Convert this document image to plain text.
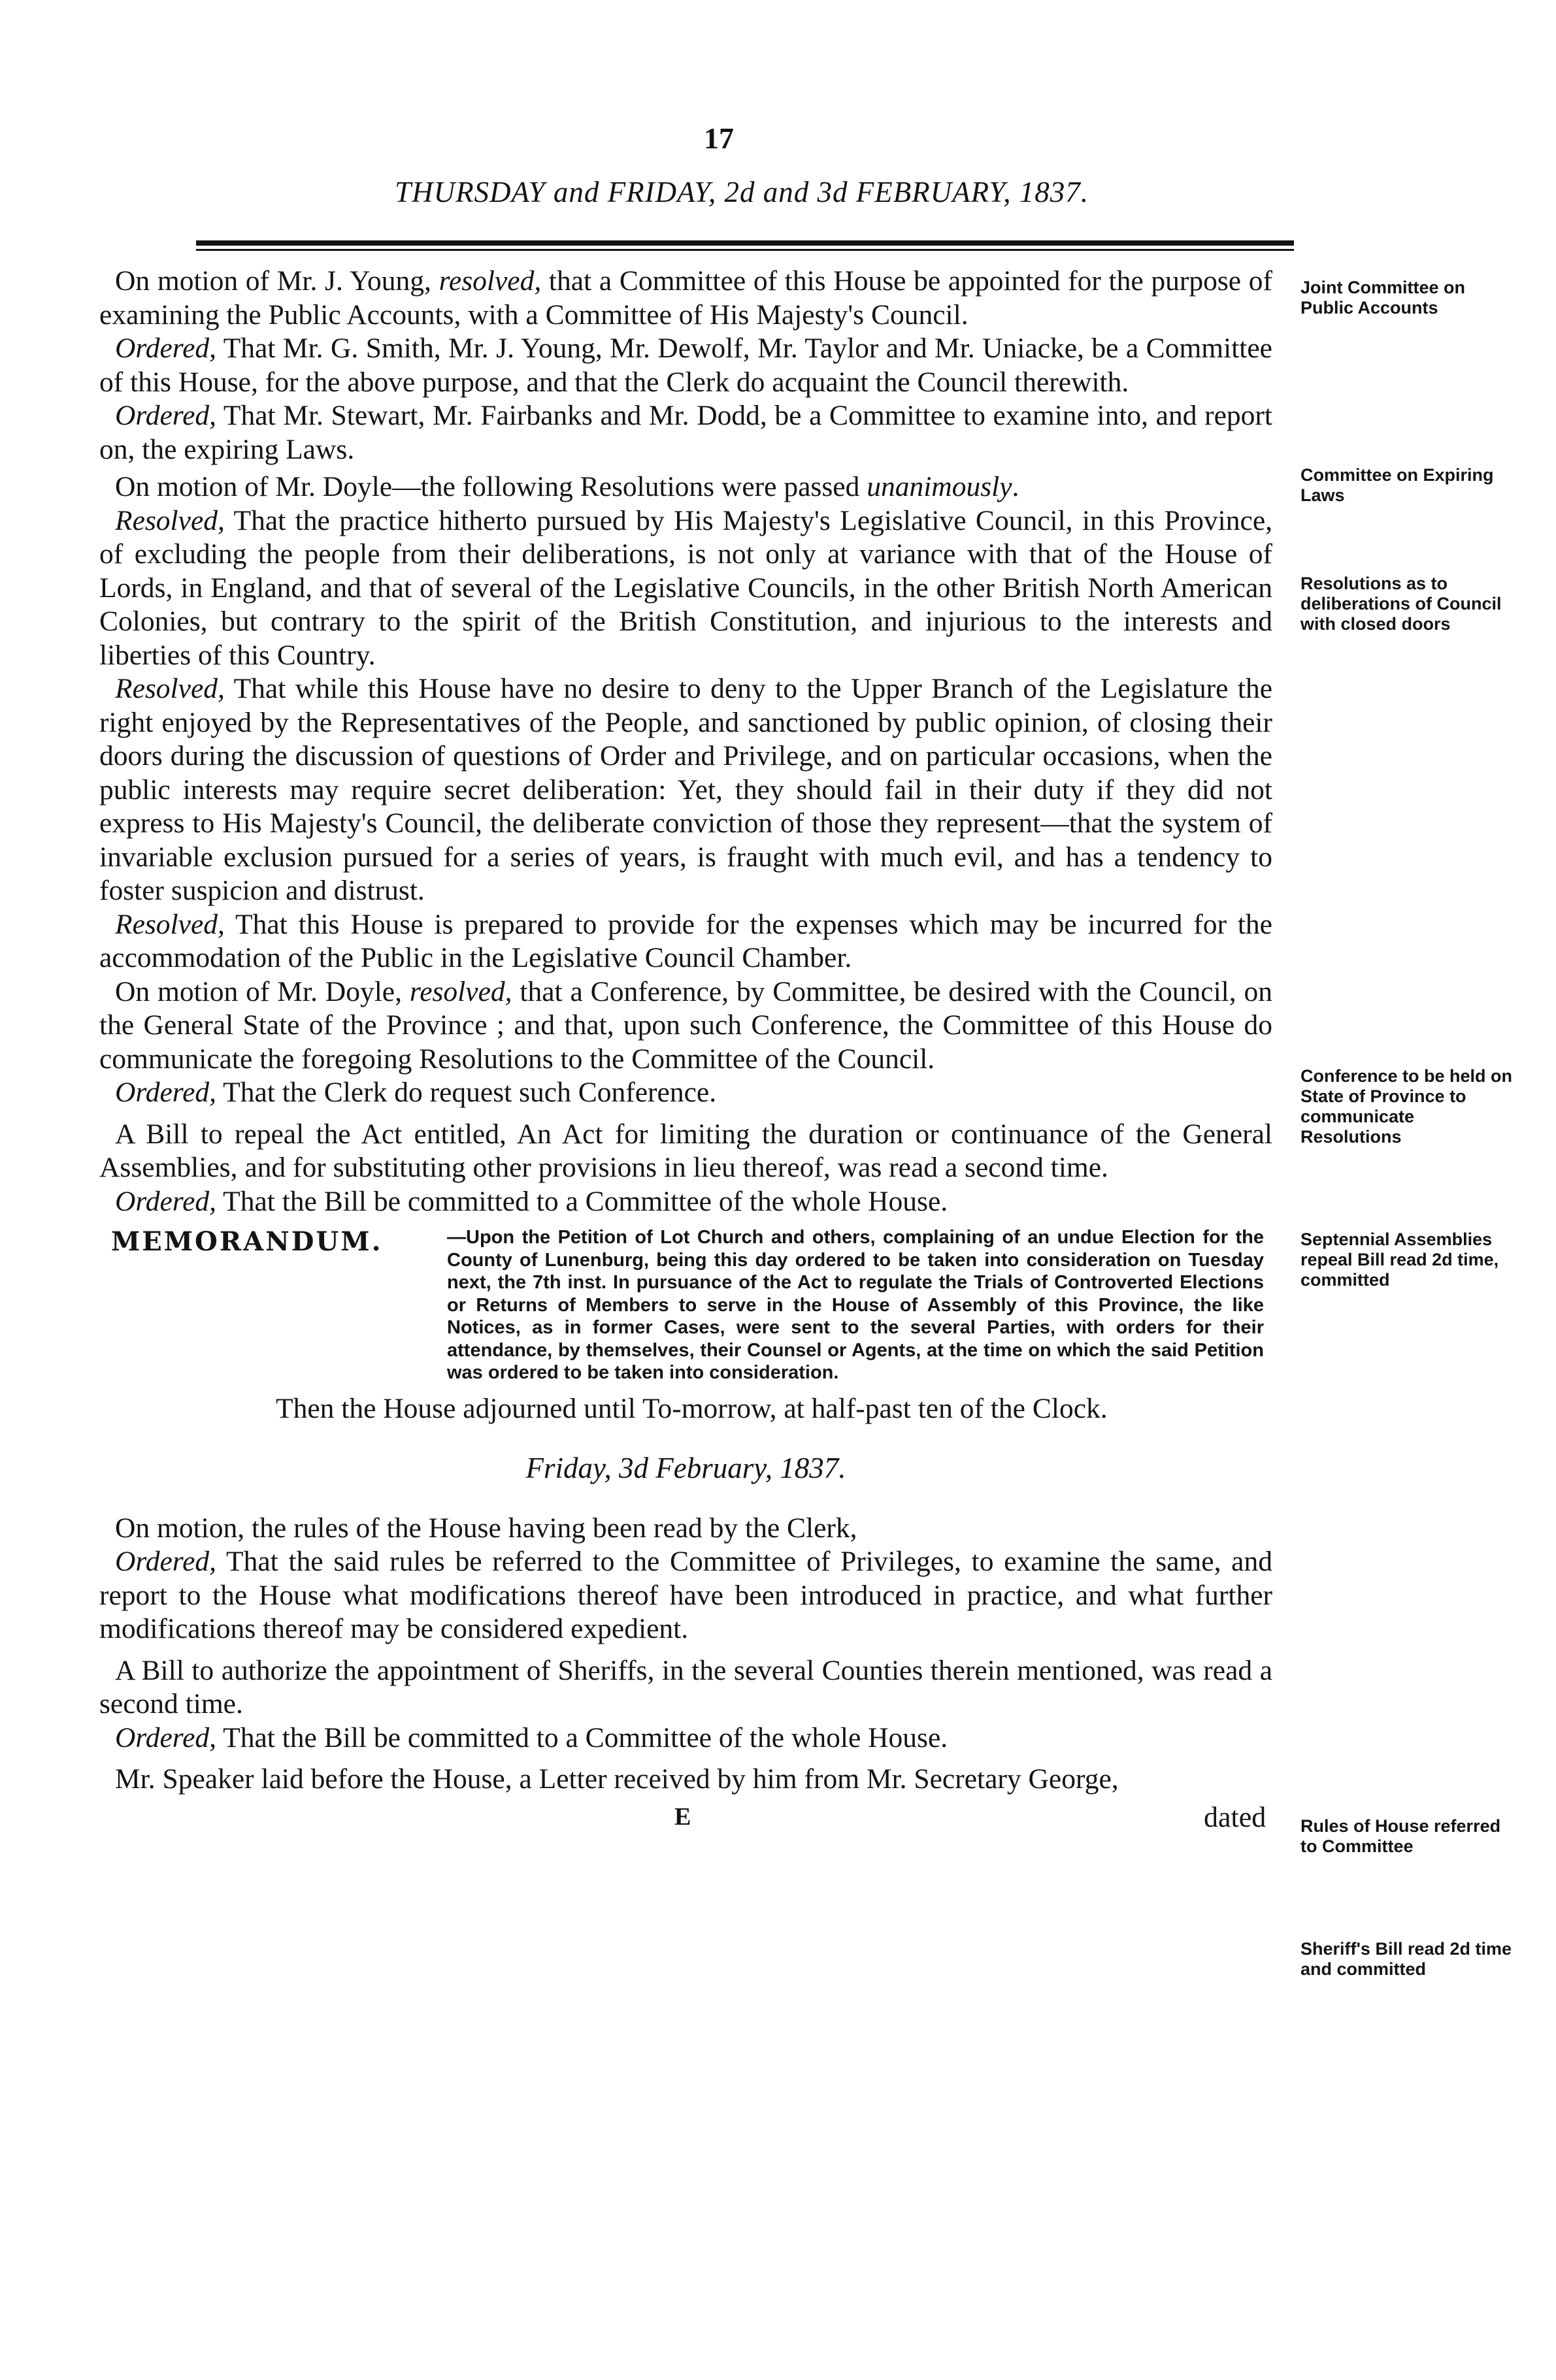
17
THURSDAY and FRIDAY, 2d and 3d FEBRUARY, 1837.

On motion of Mr. J. Young, resolved, that a Committee of this House be appointed for the purpose of examining the Public Accounts, with a Committee of His Majesty's Council.

Ordered, That Mr. G. Smith, Mr. J. Young, Mr. Dewolf, Mr. Taylor and Mr. Uniacke, be a Committee of this House, for the above purpose, and that the Clerk do acquaint the Council therewith.

Ordered, That Mr. Stewart, Mr. Fairbanks and Mr. Dodd, be a Committee to examine into, and report on, the expiring Laws.

On motion of Mr. Doyle—the following Resolutions were passed unanimously.

Resolved, That the practice hitherto pursued by His Majesty's Legislative Council, in this Province, of excluding the people from their deliberations, is not only at variance with that of the House of Lords, in England, and that of several of the Legislative Councils, in the other British North American Colonies, but contrary to the spirit of the British Constitution, and injurious to the interests and liberties of this Country.

Resolved, That while this House have no desire to deny to the Upper Branch of the Legislature the right enjoyed by the Representatives of the People, and sanctioned by public opinion, of closing their doors during the discussion of questions of Order and Privilege, and on particular occasions, when the public interests may require secret deliberation: Yet, they should fail in their duty if they did not express to His Majesty's Council, the deliberate conviction of those they represent—that the system of invariable exclusion pursued for a series of years, is fraught with much evil, and has a tendency to foster suspicion and distrust.

Resolved, That this House is prepared to provide for the expenses which may be incurred for the accommodation of the Public in the Legislative Council Chamber.

On motion of Mr. Doyle, resolved, that a Conference, by Committee, be desired with the Council, on the General State of the Province ; and that, upon such Conference, the Committee of this House do communicate the foregoing Resolutions to the Committee of the Council.

Ordered, That the Clerk do request such Conference.

A Bill to repeal the Act entitled, An Act for limiting the duration or continuance of the General Assemblies, and for substituting other provisions in lieu thereof, was read a second time.

Ordered, That the Bill be committed to a Committee of the whole House.

MEMORANDUM.	—Upon the Petition of Lot Church and others, complaining of an undue Election for the County of Lunenburg, being this day ordered to be taken into consideration on Tuesday next, the 7th inst. In pursuance of the Act to regulate the Trials of Controverted Elections or Returns of Members to serve in the House of Assembly of this Province, the like Notices, as in former Cases, were sent to the several Parties, with orders for their attendance, by themselves, their Counsel or Agents, at the time on which the said Petition was ordered to be taken into consideration.

Then the House adjourned until To-morrow, at half-past ten of the Clock.

Friday, 3d February, 1837.

On motion, the rules of the House having been read by the Clerk,

Ordered, That the said rules be referred to the Committee of Privileges, to examine the same, and report to the House what modifications thereof have been introduced in practice, and what further modifications thereof may be considered expedient.

A Bill to authorize the appointment of Sheriffs, in the several Counties therein mentioned, was read a second time.

Ordered, That the Bill be committed to a Committee of the whole House.

Mr. Speaker laid before the House, a Letter received by him from Mr. Secretary George,

E	dated
Joint Committee on Public Accounts
Committee on Expiring Laws
Resolutions as to deliberations of Council with closed doors
Conference to be held on State of Province to communicate Resolutions
Septennial Assemblies repeal Bill read 2d time, committed
Rules of House referred to Committee
Sheriff's Bill read 2d time and committed
